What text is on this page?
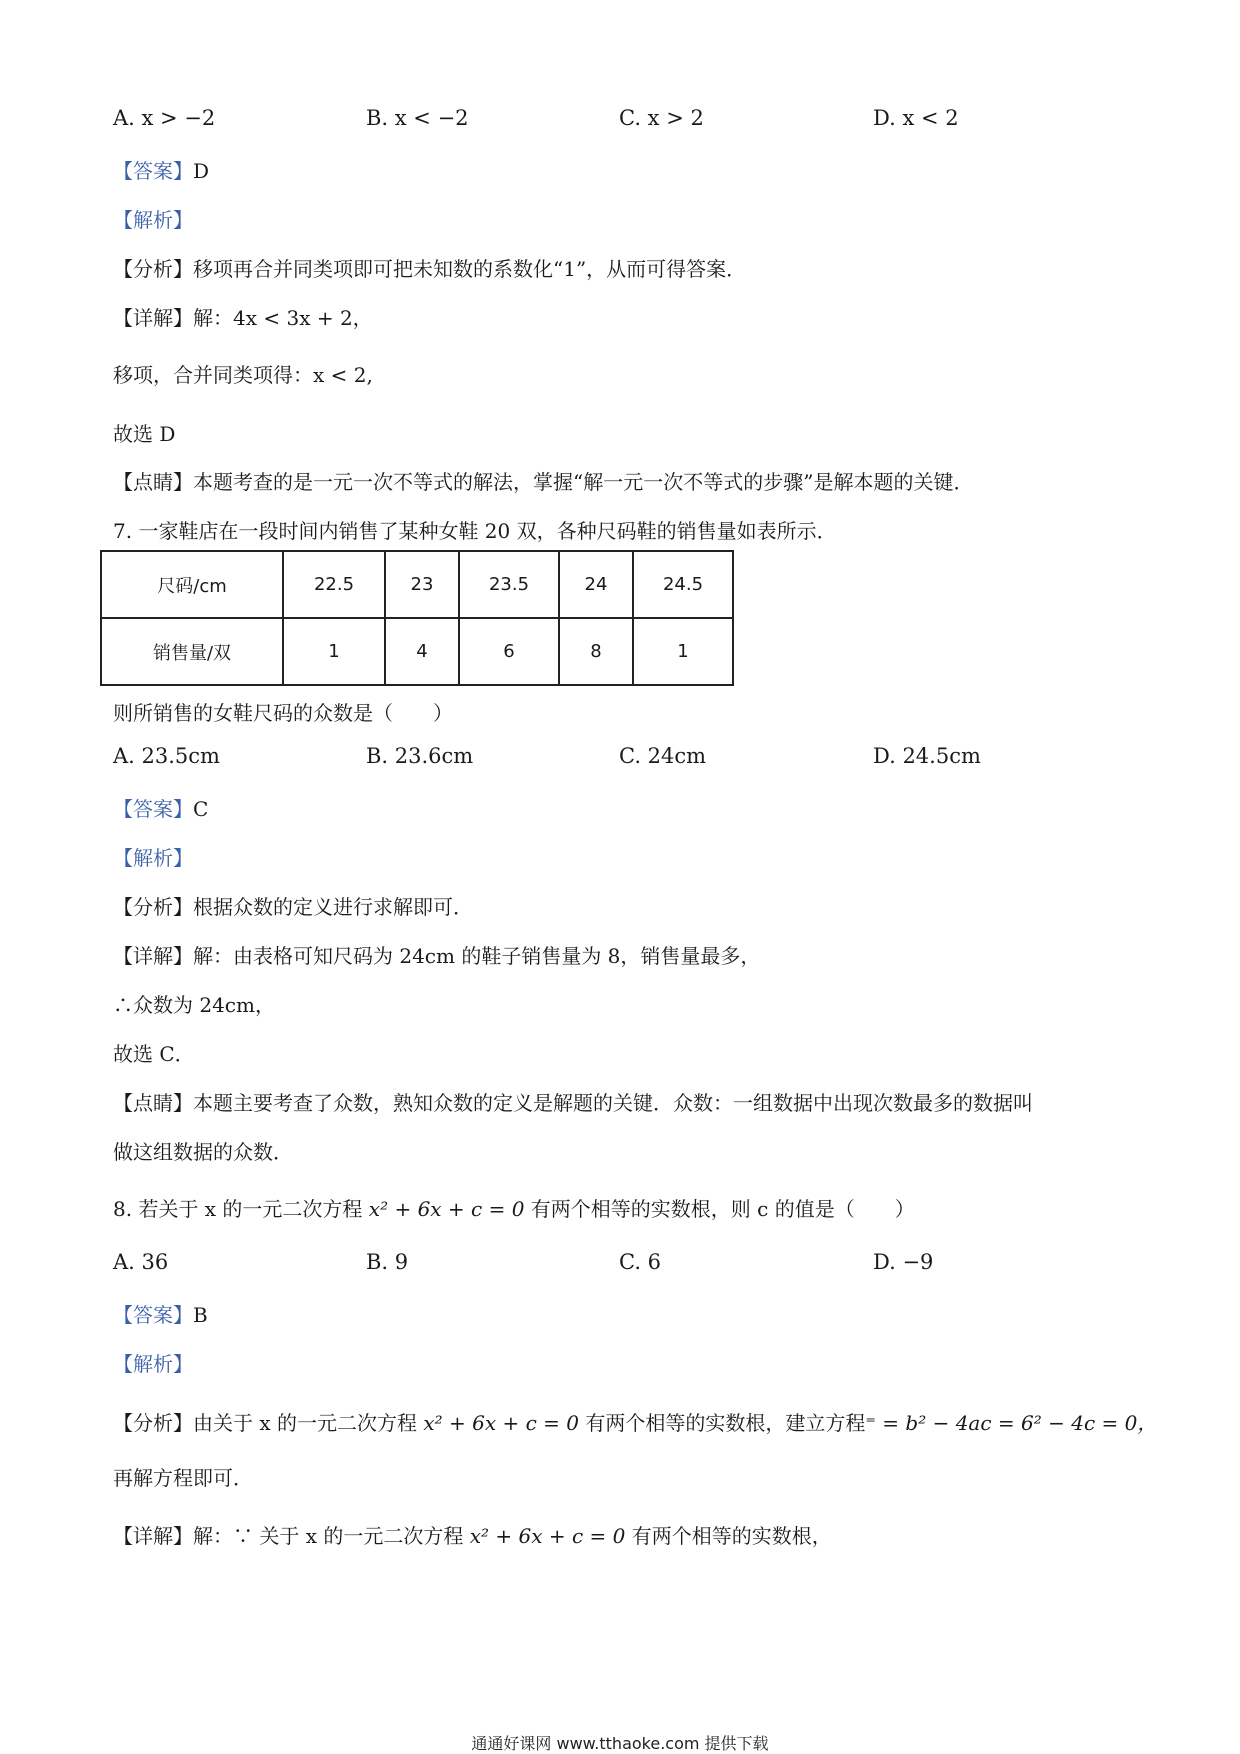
A. x > −2	B. x < −2	C. x > 2	D. x < 2
【答案】D
【解析】
【分析】移项再合并同类项即可把未知数的系数化“1”，从而可得答案．
【详解】解：4x < 3x + 2，
移项，合并同类项得：x < 2,
故选 D
【点睛】本题考查的是一元一次不等式的解法，掌握“解一元一次不等式的步骤”是解本题的关键．
7. 一家鞋店在一段时间内销售了某种女鞋 20 双，各种尺码鞋的销售量如表所示．
尺码/cm	22.5	23	23.5	24	24.5
销售量/双	1	4	6	8	1
则所销售的女鞋尺码的众数是（　　）
A. 23.5cm	B. 23.6cm	C. 24cm	D. 24.5cm
【答案】C
【解析】
【分析】根据众数的定义进行求解即可．
【详解】解：由表格可知尺码为 24cm 的鞋子销售量为 8，销售量最多，
∴众数为 24cm，
故选 C．
【点睛】本题主要考查了众数，熟知众数的定义是解题的关键．众数：一组数据中出现次数最多的数据叫
做这组数据的众数．
8. 若关于 x 的一元二次方程 x² + 6x + c = 0 有两个相等的实数根，则 c 的值是（　　）
A. 36	B. 9	C. 6	D. −9
【答案】B
【解析】
【分析】由关于 x 的一元二次方程 x² + 6x + c = 0 有两个相等的实数根，建立方程⁼ = b² − 4ac = 6² − 4c = 0，
再解方程即可．
【详解】解：∵ 关于 x 的一元二次方程 x² + 6x + c = 0 有两个相等的实数根，
通通好课网 www.tthaoke.com 提供下载
